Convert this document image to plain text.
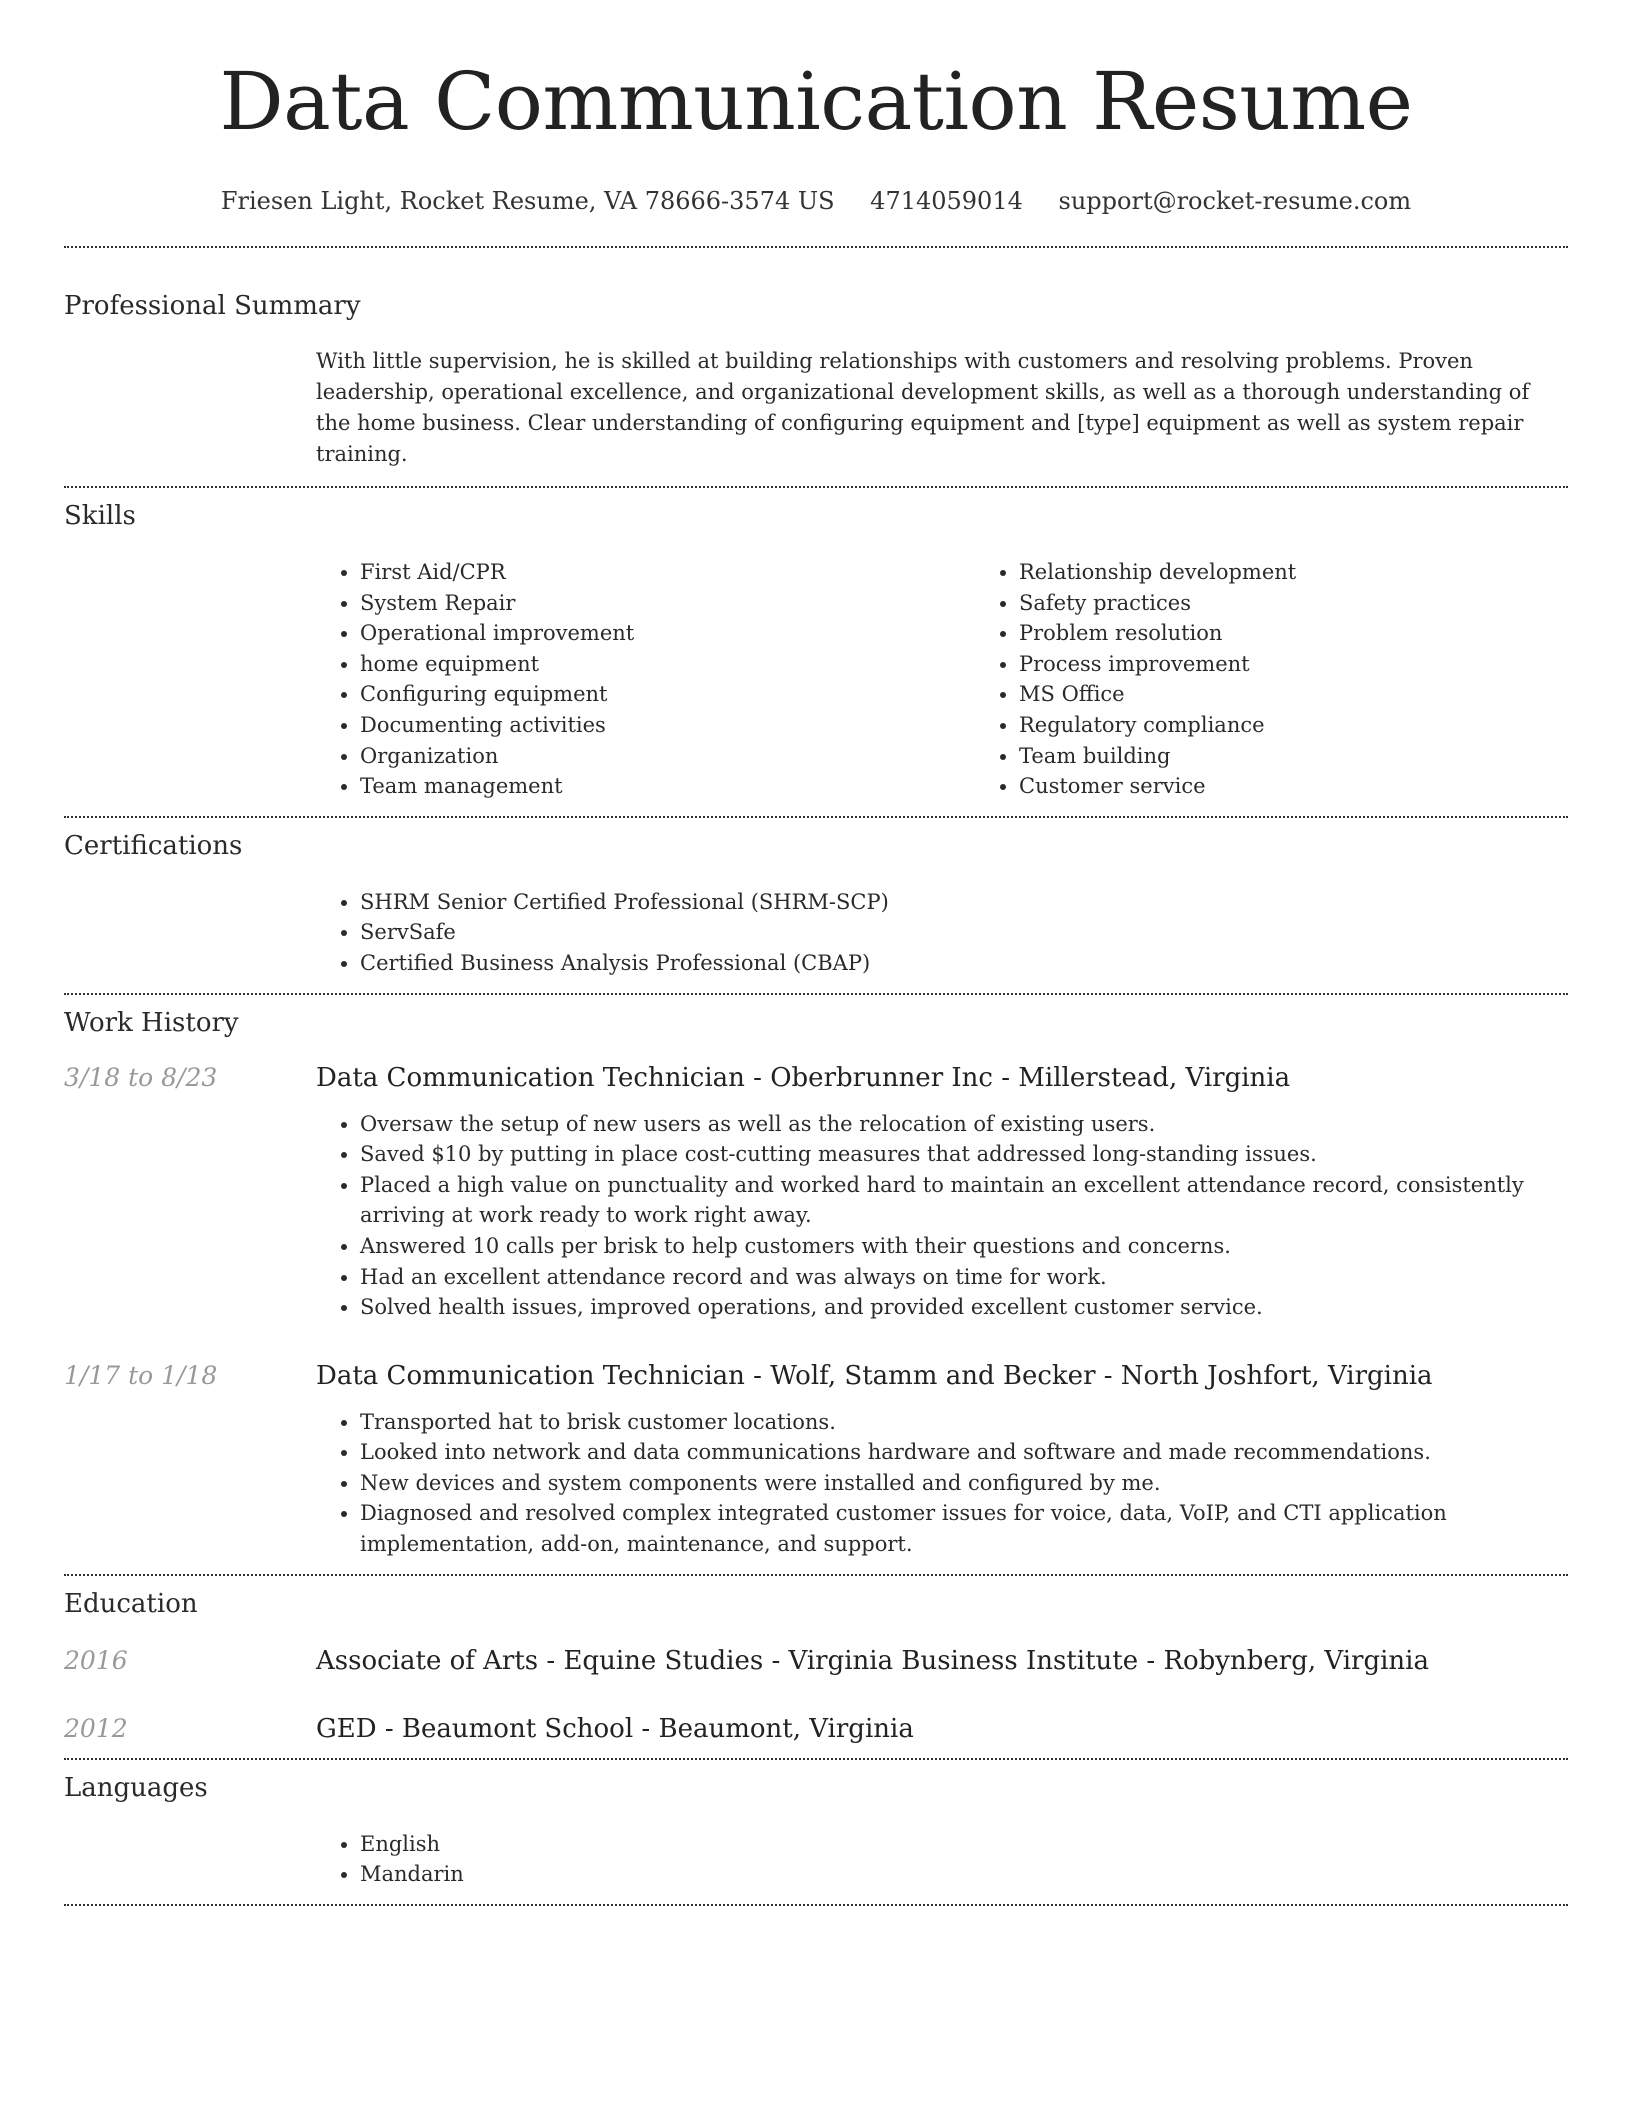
Data Communication Resume
Friesen Light, Rocket Resume, VA 78666-3574 US 4714059014 support@rocket-resume.com
Professional Summary

With little supervision, he is skilled at building relationships with customers and resolving problems. Proven leadership, operational excellence, and organizational development skills, as well as a thorough understanding of the home business. Clear understanding of configuring equipment and [type] equipment as well as system repair training.

Skills
• First Aid/CPR
• System Repair
• Operational improvement
• home equipment
• Configuring equipment
• Documenting activities
• Organization
• Team management
• Relationship development
• Safety practices
• Problem resolution
• Process improvement
• MS Office
• Regulatory compliance
• Team building
• Customer service
Certifications
• SHRM Senior Certified Professional (SHRM-SCP)
• ServSafe
• Certified Business Analysis Professional (CBAP)
Work History
3/18 to 8/23	Data Communication Technician - Oberbrunner Inc - Millerstead, Virginia
• Oversaw the setup of new users as well as the relocation of existing users.
• Saved $10 by putting in place cost-cutting measures that addressed long-standing issues.
• Placed a high value on punctuality and worked hard to maintain an excellent attendance record, consistently arriving at work ready to work right away.
• Answered 10 calls per brisk to help customers with their questions and concerns.
• Had an excellent attendance record and was always on time for work.
• Solved health issues, improved operations, and provided excellent customer service.
1/17 to 1/18	Data Communication Technician - Wolf, Stamm and Becker - North Joshfort, Virginia
• Transported hat to brisk customer locations.
• Looked into network and data communications hardware and software and made recommendations.
• New devices and system components were installed and configured by me.
• Diagnosed and resolved complex integrated customer issues for voice, data, VoIP, and CTI application implementation, add-on, maintenance, and support.
Education
2016	Associate of Arts - Equine Studies - Virginia Business Institute - Robynberg, Virginia
2012	GED - Beaumont School - Beaumont, Virginia
Languages
• English
• Mandarin
